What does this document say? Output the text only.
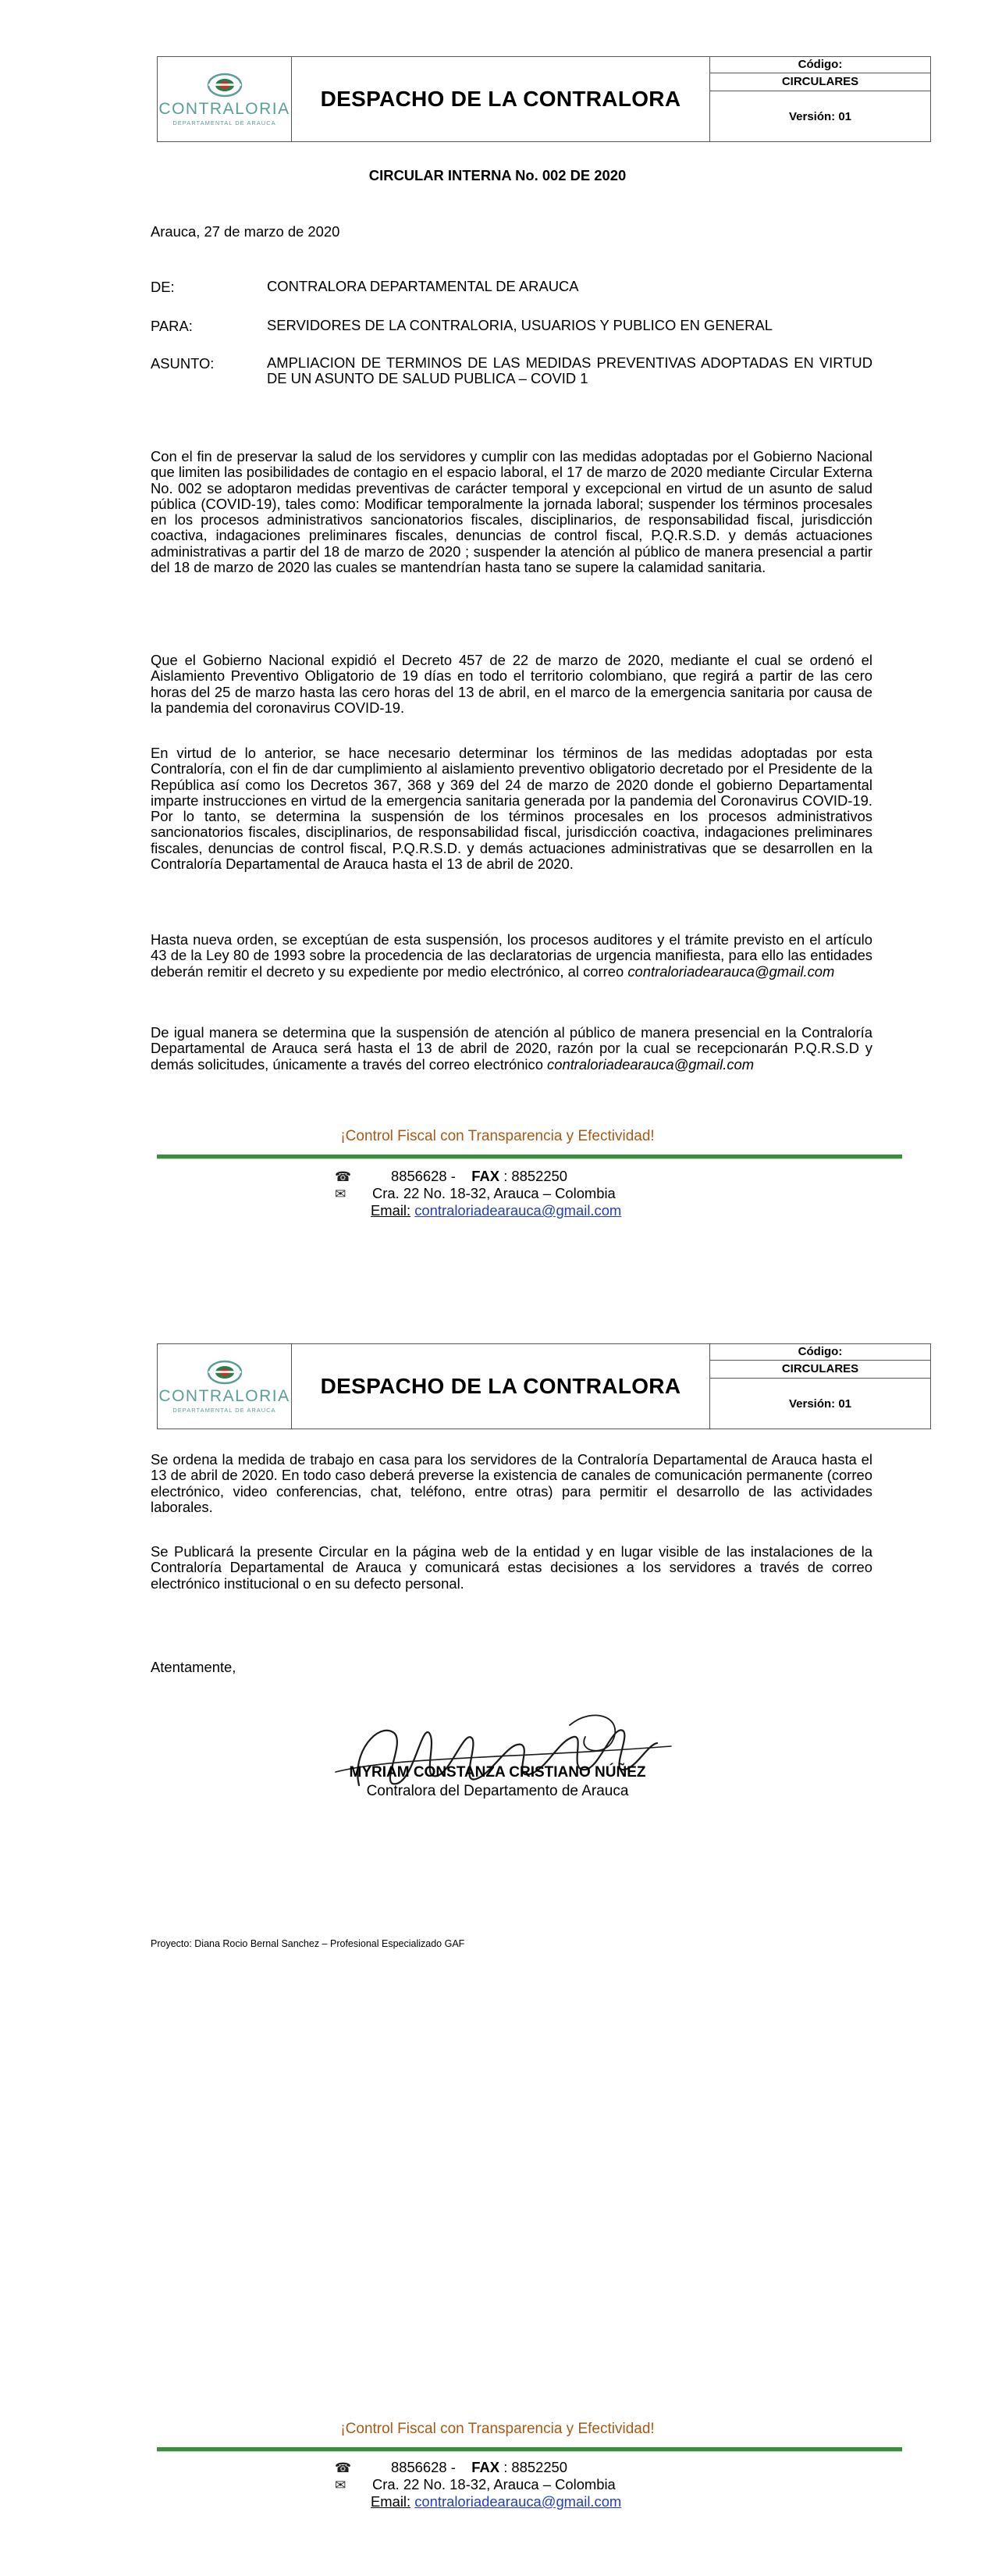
CONTRALORIA
DEPARTAMENTAL DE ARAUCA
DESPACHO DE LA CONTRALORA
Código:
CIRCULARES
Versión: 01
CIRCULAR INTERNA No. 002 DE 2020
Arauca, 27 de marzo de 2020
DE:	CONTRALORA DEPARTAMENTAL DE ARAUCA
PARA:	SERVIDORES DE LA CONTRALORIA, USUARIOS Y PUBLICO EN GENERAL
ASUNTO:	AMPLIACION DE TERMINOS DE LAS MEDIDAS PREVENTIVAS ADOPTADAS EN VIRTUD DE UN ASUNTO DE SALUD PUBLICA – COVID 1

Con el fin de preservar la salud de los servidores y cumplir con las medidas adoptadas por el Gobierno Nacional que limiten las posibilidades de contagio en el espacio laboral, el 17 de marzo de 2020 mediante Circular Externa No. 002 se adoptaron medidas preventivas de carácter temporal y excepcional en virtud de un asunto de salud pública (COVID-19), tales como: Modificar temporalmente la jornada laboral; suspender los términos procesales en los procesos administrativos sancionatorios fiscales, disciplinarios, de responsabilidad fiscal, jurisdicción coactiva, indagaciones preliminares fiscales, denuncias de control fiscal, P.Q.R.S.D. y demás actuaciones administrativas a partir del 18 de marzo de 2020 ; suspender la atención al público de manera presencial a partir del 18 de marzo de 2020 las cuales se mantendrían hasta tano se supere la calamidad sanitaria.

Que el Gobierno Nacional expidió el Decreto 457 de 22 de marzo de 2020, mediante el cual se ordenó el Aislamiento Preventivo Obligatorio de 19 días en todo el territorio colombiano, que regirá a partir de las cero horas del 25 de marzo hasta las cero horas del 13 de abril, en el marco de la emergencia sanitaria por causa de la pandemia del coronavirus COVID-19.

En virtud de lo anterior, se hace necesario determinar los términos de las medidas adoptadas por esta Contraloría, con el fin de dar cumplimiento al aislamiento preventivo obligatorio decretado por el Presidente de la República así como los Decretos 367, 368 y 369 del 24 de marzo de 2020 donde el gobierno Departamental imparte instrucciones en virtud de la emergencia sanitaria generada por la pandemia del Coronavirus COVID-19. Por lo tanto, se determina la suspensión de los términos procesales en los procesos administrativos sancionatorios fiscales, disciplinarios, de responsabilidad fiscal, jurisdicción coactiva, indagaciones preliminares fiscales, denuncias de control fiscal, P.Q.R.S.D. y demás actuaciones administrativas que se desarrollen en la Contraloría Departamental de Arauca hasta el 13 de abril de 2020.

Hasta nueva orden, se exceptúan de esta suspensión, los procesos auditores y el trámite previsto en el artículo 43 de la Ley 80 de 1993 sobre la procedencia de las declaratorias de urgencia manifiesta, para ello las entidades deberán remitir el decreto y su expediente por medio electrónico, al correo contraloriadearauca@gmail.com

De igual manera se determina que la suspensión de atención al público de manera presencial en la Contraloría Departamental de Arauca será hasta el 13 de abril de 2020, razón por la cual se recepcionarán P.Q.R.S.D y demás solicitudes, únicamente a través del correo electrónico contraloriadearauca@gmail.com

¡Control Fiscal con Transparencia y Efectividad!
☎	8856628 - FAX : 8852250
✉ Cra. 22 No. 18-32, Arauca – Colombia
Email: contraloriadearauca@gmail.com
CONTRALORIA
DEPARTAMENTAL DE ARAUCA
DESPACHO DE LA CONTRALORA
Código:
CIRCULARES
Versión: 01

Se ordena la medida de trabajo en casa para los servidores de la Contraloría Departamental de Arauca hasta el 13 de abril de 2020. En todo caso deberá preverse la existencia de canales de comunicación permanente (correo electrónico, video conferencias, chat, teléfono, entre otras) para permitir el desarrollo de las actividades laborales.

Se Publicará la presente Circular en la página web de la entidad y en lugar visible de las instalaciones de la Contraloría Departamental de Arauca y comunicará estas decisiones a los servidores a través de correo electrónico institucional o en su defecto personal.

Atentamente,
MYRIAM CONSTANZA CRISTIANO NÚÑEZ
Contralora del Departamento de Arauca
Proyecto: Diana Rocio Bernal Sanchez – Profesional Especializado GAF
¡Control Fiscal con Transparencia y Efectividad!
☎	8856628 - FAX : 8852250
✉ Cra. 22 No. 18-32, Arauca – Colombia
Email: contraloriadearauca@gmail.com
